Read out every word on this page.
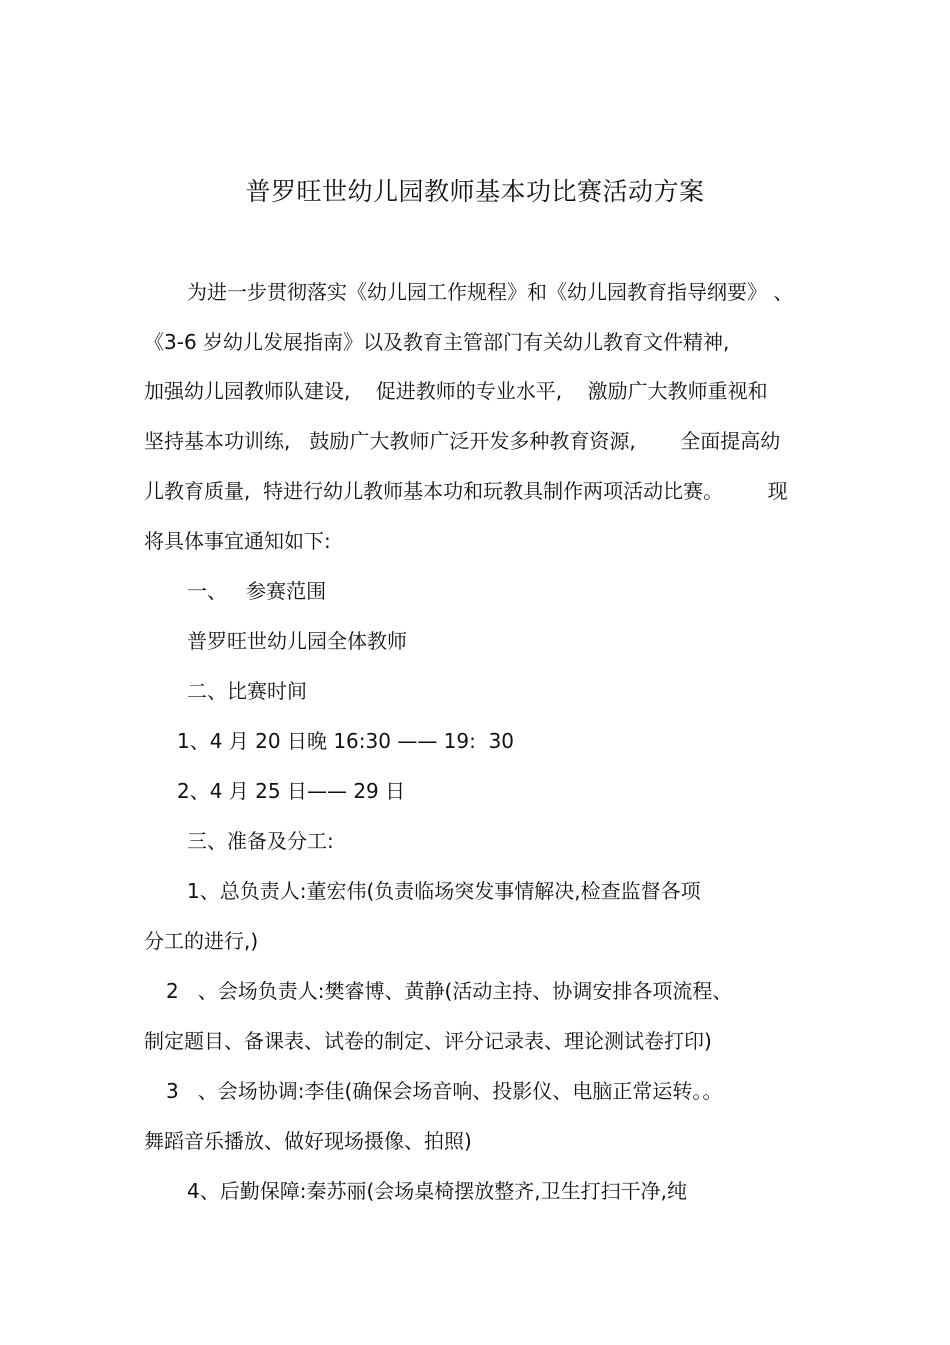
普罗旺世幼儿园教师基本功比赛活动方案

为进一步贯彻落实《幼儿园工作规程》和《幼儿园教育指导纲要》 、

《3-6 岁幼儿发展指南》以及教育主管部门有关幼儿教育文件精神,

加强幼儿园教师队建设,    促进教师的专业水平,    激励广大教师重视和

坚持基本功训练,   鼓励广大教师广泛开发多种教育资源,       全面提高幼

儿教育质量,  特进行幼儿教师基本功和玩教具制作两项活动比赛。       现

将具体事宜通知如下:

一、   参赛范围

普罗旺世幼儿园全体教师

二、比赛时间

1、4 月 20 日晚 16:30 —— 19:  30

2、4 月 25 日—— 29 日

三、准备及分工:

1、总负责人:董宏伟(负责临场突发事情解决,检查监督各项

分工的进行,)

2   、会场负责人:樊睿博、黄静(活动主持、协调安排各项流程、

制定题目、备课表、试卷的制定、评分记录表、理论测试卷打印)

3   、会场协调:李佳(确保会场音响、投影仪、电脑正常运转。。

舞蹈音乐播放、做好现场摄像、拍照)

4、后勤保障:秦苏丽(会场桌椅摆放整齐,卫生打扫干净,纯
